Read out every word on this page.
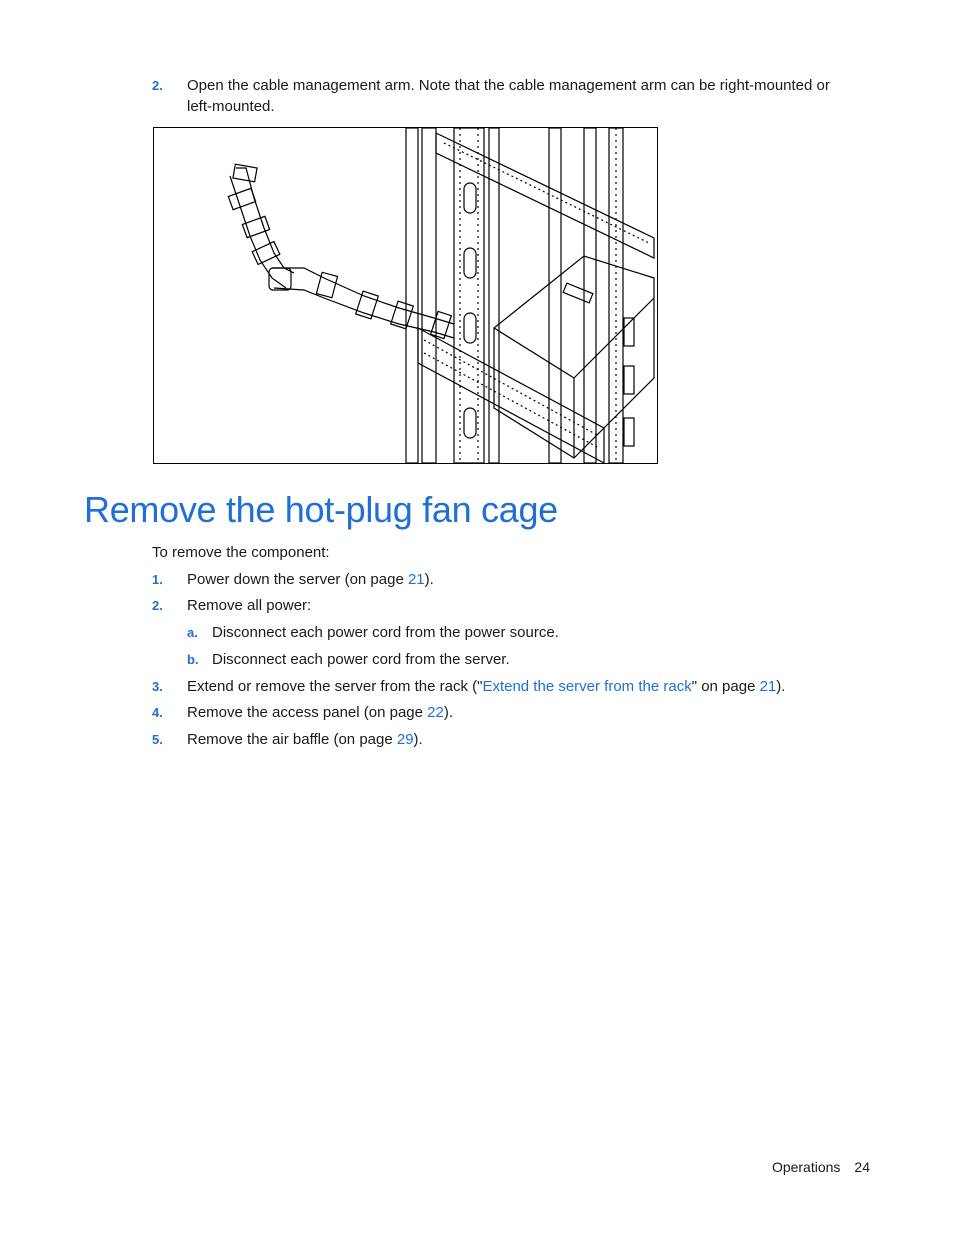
2. Open the cable management arm. Note that the cable management arm can be right-mounted or left-mounted.
Remove the hot-plug fan cage
To remove the component:
1. Power down the server (on page 21).
2. Remove all power:
a. Disconnect each power cord from the power source.
b. Disconnect each power cord from the server.
3. Extend or remove the server from the rack ("Extend the server from the rack" on page 21).
4. Remove the access panel (on page 22).
5. Remove the air baffle (on page 29).
Operations 24
